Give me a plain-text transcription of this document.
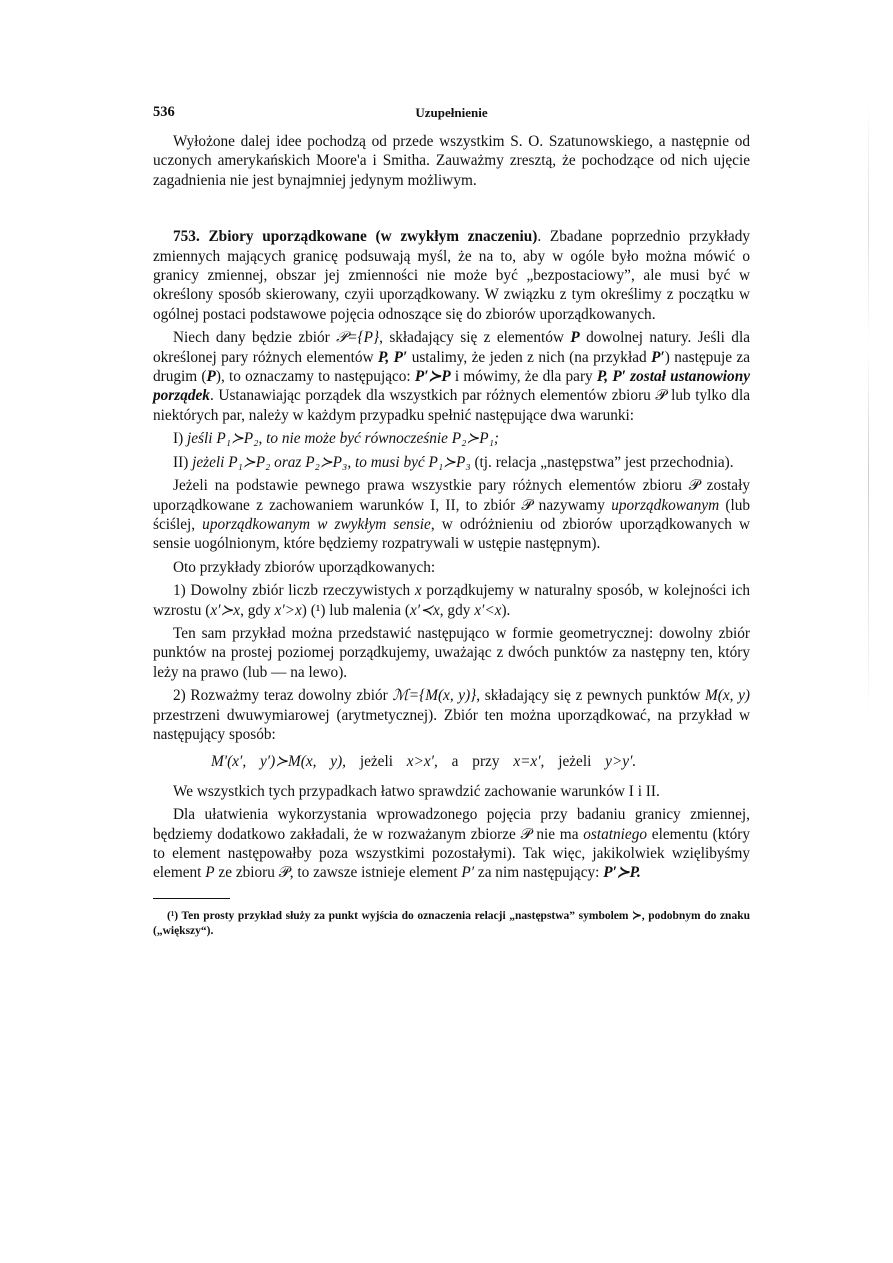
536	Uzupełnienie

Wyłożone dalej idee pochodzą od przede wszystkim S. O. Szatunowskiego, a następnie od uczonych amerykańskich Moore'a i Smitha. Zauważmy zresztą, że pochodzące od nich ujęcie zagadnienia nie jest bynajmniej jedynym możliwym.

753. Zbiory uporządkowane (w zwykłym znaczeniu). Zbadane poprzednio przykłady zmiennych mających granicę podsuwają myśl, że na to, aby w ogóle było można mówić o granicy zmiennej, obszar jej zmienności nie może być „bezpostaciowy”, ale musi być w określony sposób skierowany, czyii uporządkowany. W związku z tym określimy z początku w ogólnej postaci podstawowe pojęcia odnoszące się do zbiorów uporządkowanych.

Niech dany będzie zbiór 𝒫={P}, składający się z elementów P dowolnej natury. Jeśli dla określonej pary różnych elementów P, P′ ustalimy, że jeden z nich (na przykład P′) następuje za drugim (P), to oznaczamy to następująco: P′≻P i mówimy, że dla pary P, P′ został ustanowiony porządek. Ustanawiając porządek dla wszystkich par różnych elementów zbioru 𝒫 lub tylko dla niektórych par, należy w każdym przypadku spełnić następujące dwa warunki:

I) jeśli P₁≻P₂, to nie może być równocześnie P₂≻P₁;

II) jeżeli P₁≻P₂ oraz P₂≻P₃, to musi być P₁≻P₃ (tj. relacja „następstwa” jest przechodnia).

Jeżeli na podstawie pewnego prawa wszystkie pary różnych elementów zbioru 𝒫 zostały uporządkowane z zachowaniem warunków I, II, to zbiór 𝒫 nazywamy uporządkowanym (lub ściślej, uporządkowanym w zwykłym sensie, w odróżnieniu od zbiorów uporządkowanych w sensie uogólnionym, które będziemy rozpatrywali w ustępie następnym).

Oto przykłady zbiorów uporządkowanych:

1) Dowolny zbiór liczb rzeczywistych x porządkujemy w naturalny sposób, w kolejności ich wzrostu (x′≻x, gdy x′>x) (¹) lub malenia (x′≺x, gdy x′<x).

Ten sam przykład można przedstawić następująco w formie geometrycznej: dowolny zbiór punktów na prostej poziomej porządkujemy, uważając z dwóch punktów za następny ten, który leży na prawo (lub — na lewo).

2) Rozważmy teraz dowolny zbiór ℳ={M(x, y)}, składający się z pewnych punktów M(x, y) przestrzeni dwuwymiarowej (arytmetycznej). Zbiór ten można uporządkować, na przykład w następujący sposób:

M′(x′, y′)≻M(x, y), jeżeli x>x′, a przy x=x′, jeżeli y>y′.

We wszystkich tych przypadkach łatwo sprawdzić zachowanie warunków I i II.

Dla ułatwienia wykorzystania wprowadzonego pojęcia przy badaniu granicy zmiennej, będziemy dodatkowo zakładali, że w rozważanym zbiorze 𝒫 nie ma ostatniego elementu (który to element następowałby poza wszystkimi pozostałymi). Tak więc, jakikolwiek wzięlibyśmy element P ze zbioru 𝒫, to zawsze istnieje element P′ za nim następujący: P′≻P.

(¹) Ten prosty przykład służy za punkt wyjścia do oznaczenia relacji „następstwa” symbolem ≻, podobnym do znaku („większy“).
